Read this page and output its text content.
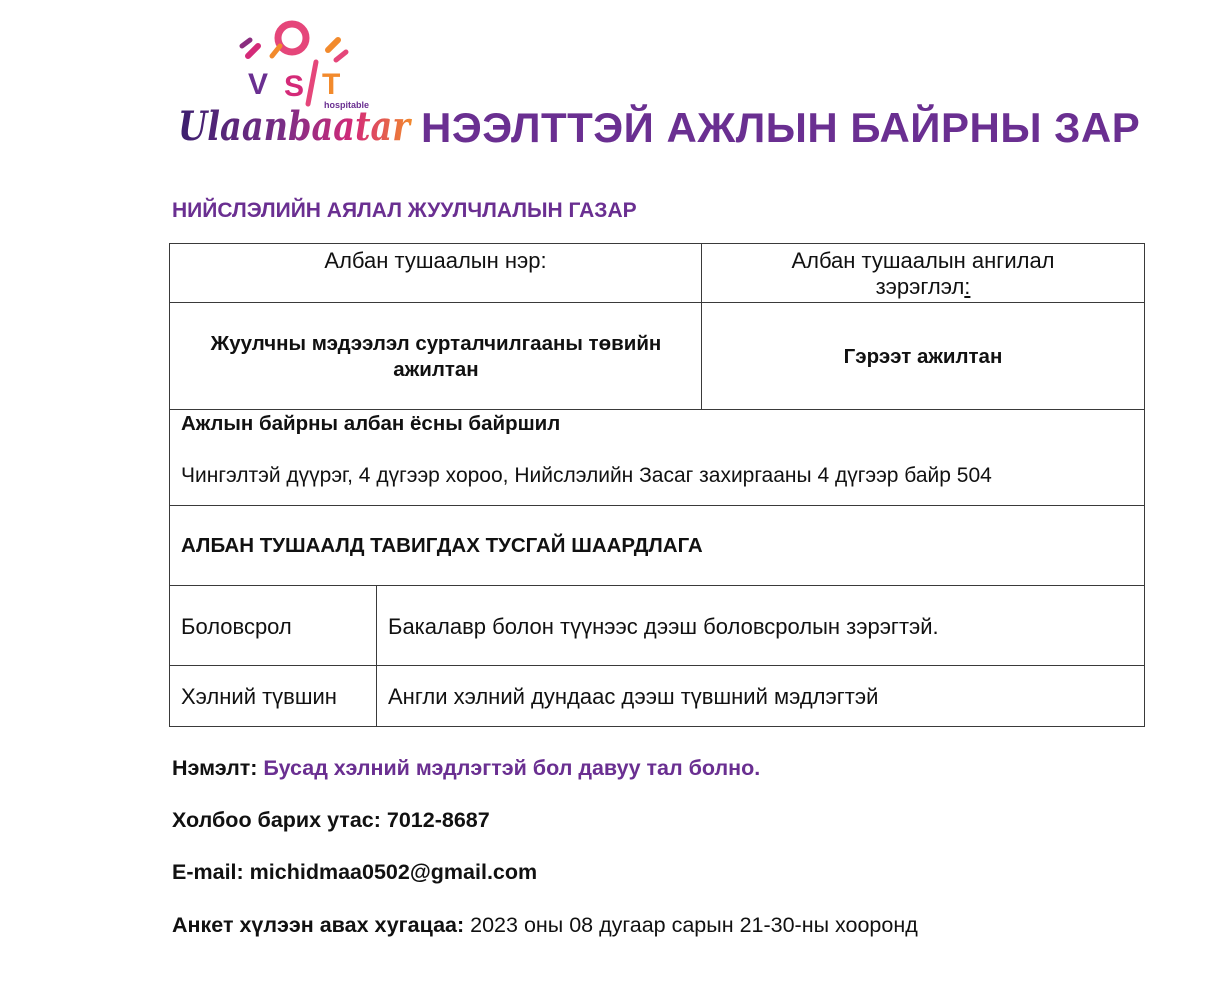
V S T
hospitable
Ulaanbaatar НЭЭЛТТЭЙ АЖЛЫН БАЙРНЫ ЗАР
НИЙСЛЭЛИЙН АЯЛАЛ ЖУУЛЧЛАЛЫН ГАЗАР
Албан тушаалын нэр:	Албан тушаалын ангилал
зэрэглэл:
Жуулчны мэдээлэл сурталчилгааны төвийн ажилтан
Гэрээт ажилтан
Ажлын байрны албан ёсны байршил
Чингэлтэй дүүрэг, 4 дүгээр хороо, Нийслэлийн Засаг захиргааны 4 дүгээр байр 504
АЛБАН ТУШААЛД ТАВИГДАХ ТУСГАЙ ШААРДЛАГА
Боловсрол	Бакалавр болон түүнээс дээш боловсролын зэрэгтэй.
Хэлний түвшин Англи хэлний дундаас дээш түвшний мэдлэгтэй
Нэмэлт: Бусад хэлний мэдлэгтэй бол давуу тал болно.
Холбоо барих утас: 7012-8687
E-mail: michidmaa0502@gmail.com
Анкет хүлээн авах хугацаа: 2023 оны 08 дугаар сарын 21-30-ны хооронд
